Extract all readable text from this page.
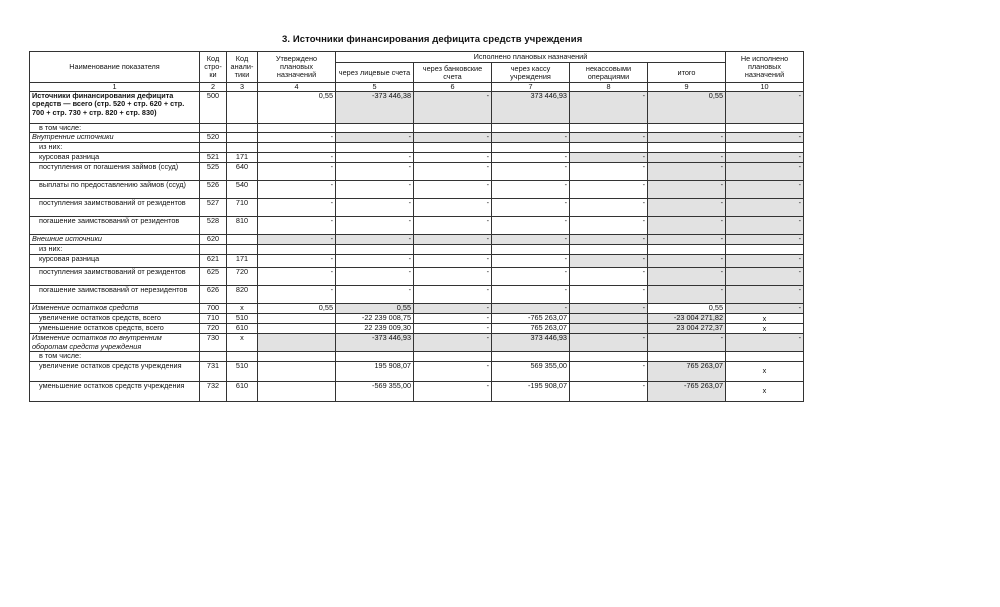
3. Источники финансирования дефицита средств учреждения
Наименование показателя	Код стро-ки	Код анали-тики	Утверждено плановых назначений	Исполнено плановых назначений					Не исполнено плановых назначений
				через лицевые счета	через банковские счета	через кассу учреждения	некассовыми операциями	итого	
1	2	3	4	5	6	7	8	9	10
Источники финансирования дефицита средств — всего (стр. 520 + стр. 620 + стр. 700 + стр. 730 + стр. 820 + стр. 830)	500		0,55	-373 446,38	-	373 446,93	-	0,55	-
в том числе:									
Внутренние источники	520		-	-	-	-	-	-	-
из них:									
курсовая разница	521	171	-	-	-	-	-	-	-
поступления от погашения займов (ссуд)	525	640	-	-	-	-	-	-	-
выплаты по предоставлению займов (ссуд)	526	540	-	-	-	-	-	-	-
поступления заимствований от резидентов	527	710	-	-	-	-	-	-	-
погашение заимствований от резидентов	528	810	-	-	-	-	-	-	-
Внешние источники	620		-	-	-	-	-	-	-
из них:									
курсовая разница	621	171	-	-	-	-	-	-	-
поступления заимствований от резидентов	625	720	-	-	-	-	-	-	-
погашение заимствований от нерезидентов	626	820	-	-	-	-	-	-	-
Изменение остатков средств	700	x	0,55	0,55	-	-	-	0,55	-
увеличение остатков средств, всего	710	510		-22 239 008,75	-	-765 263,07		-23 004 271,82	x
уменьшение остатков средств, всего	720	610		22 239 009,30	-	765 263,07		23 004 272,37	x
Изменение остатков по внутренним оборотам средств учреждения	730	x		-373 446,93	-	373 446,93	-	-	-
в том числе:									
увеличение остатков средств учреждения	731	510		195 908,07	-	569 355,00	-	765 263,07	x
уменьшение остатков средств учреждения	732	610		-569 355,00	-	-195 908,07	-	-765 263,07	x
